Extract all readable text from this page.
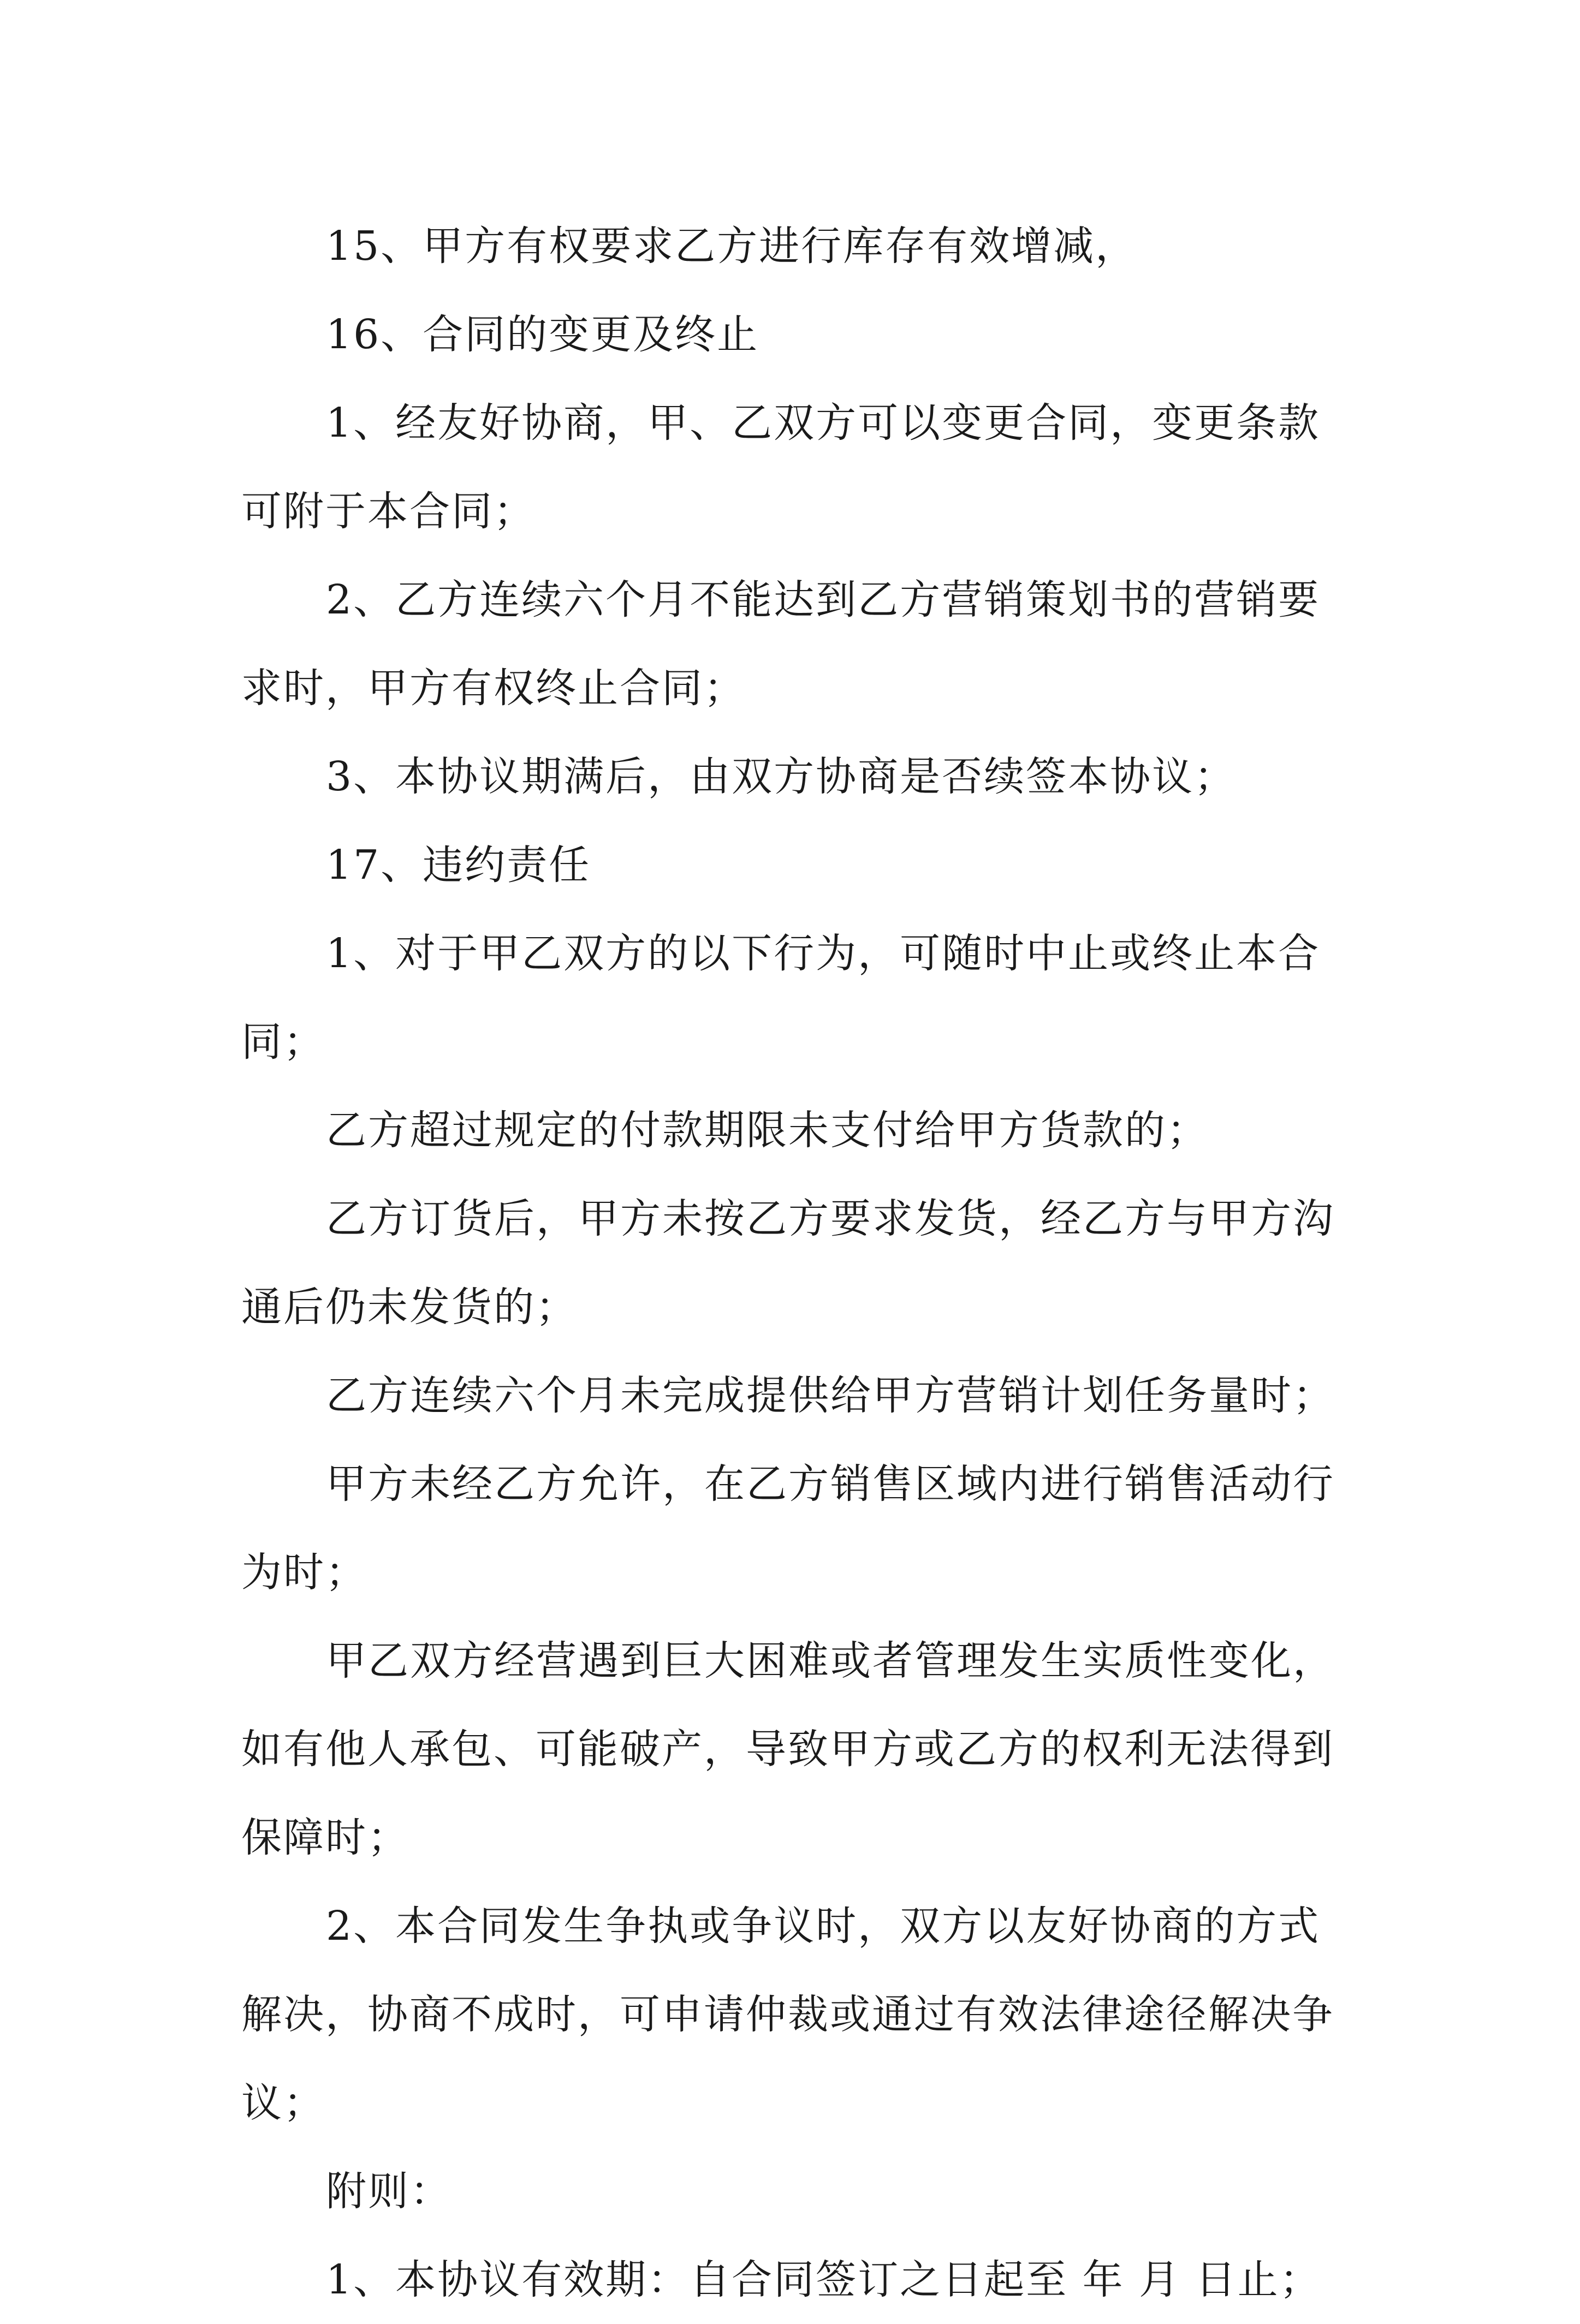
15、甲方有权要求乙方进行库存有效增减，

16、合同的变更及终止

1、经友好协商，甲、乙双方可以变更合同，变更条款可附于本合同；

2、乙方连续六个月不能达到乙方营销策划书的营销要求时，甲方有权终止合同；

3、本协议期满后，由双方协商是否续签本协议；

17、违约责任

1、对于甲乙双方的以下行为，可随时中止或终止本合同；

乙方超过规定的付款期限未支付给甲方货款的；

乙方订货后，甲方未按乙方要求发货，经乙方与甲方沟通后仍未发货的；

乙方连续六个月未完成提供给甲方营销计划任务量时；

甲方未经乙方允许，在乙方销售区域内进行销售活动行为时；

甲乙双方经营遇到巨大困难或者管理发生实质性变化，如有他人承包、可能破产，导致甲方或乙方的权利无法得到保障时；

2、本合同发生争执或争议时，双方以友好协商的方式解决，协商不成时，可申请仲裁或通过有效法律途径解决争议；

附则：

1、本协议有效期：自合同签订之日起至 年 月 日止；
